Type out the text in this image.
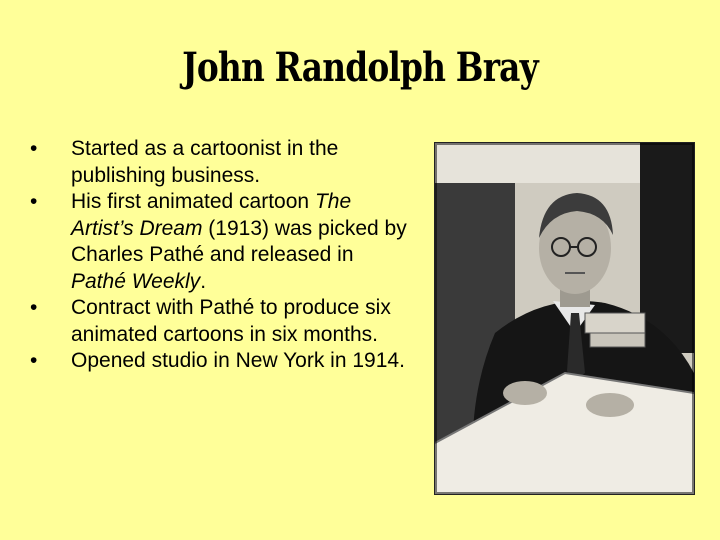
John Randolph Bray
• Started as a cartoonist in the publishing business.
• His first animated cartoon The Artist’s Dream (1913) was picked by Charles Pathé and released in Pathé Weekly.
• Contract with Pathé to produce six animated cartoons in six months.
• Opened studio in New York in 1914.
